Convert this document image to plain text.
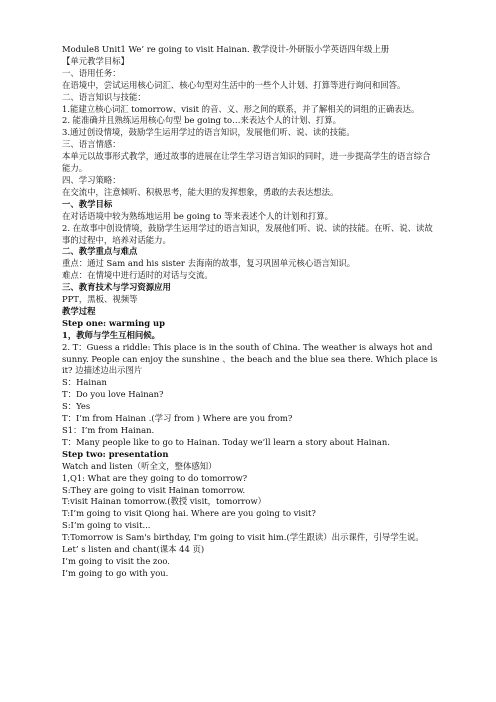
Module8 Unit1 We’ re going to visit Hainan. 教学设计-外研版小学英语四年级上册
【单元教学目标】
一、语用任务：
在语境中，尝试运用核心词汇、核心句型对生活中的一些个人计划、打算等进行询问和回答。
二、语言知识与技能：
1.能建立核心词汇 tomorrow、visit 的音、义、形之间的联系，并了解相关的词组的正确表达。
2. 能准确并且熟练运用核心句型 be going to…来表达个人的计划、打算。
3.通过创设情境，鼓励学生运用学过的语言知识，发展他们听、说、读的技能。
三、语言情感：
本单元以故事形式教学，通过故事的进展在让学生学习语言知识的同时，进一步提高学生的语言综合能力。
四、学习策略：
在交流中，注意倾听、积极思考，能大胆的发挥想象，勇敢的去表达想法。
一、教学目标
在对话语境中较为熟练地运用 be going to 等来表述个人的计划和打算。
2. 在故事中创设情境，鼓励学生运用学过的语言知识，发展他们听、说、读的技能。在听、说、读故事的过程中，培养对话能力。
二、教学重点与难点
重点：通过 Sam and his sister 去海南的故事，复习巩固单元核心语言知识。
难点：在情境中进行适时的对话与交流。
三、教育技术与学习资源应用
PPT，黑板、视频等
教学过程
Step one: warming up
1，教师与学生互相问候。
2. T：Guess a riddle: This place is in the south of China. The weather is always hot and sunny. People can enjoy the sunshine 、the beach and the blue sea there. Which place is it? 边描述边出示图片
S：Hainan
T：Do you love Hainan?
S：Yes
T：I’m from Hainan .(学习 from ) Where are you from?
S1：I’m from Hainan.
T：Many people like to go to Hainan. Today we’ll learn a story about Hainan.
Step two: presentation
Watch and listen（听全文，整体感知）
1,Q1: What are they going to do tomorrow?
S:They are going to visit Hainan tomorrow.
T:visit Hainan tomorrow.(教授 visit，tomorrow）
T:I’m going to visit Qiong hai. Where are you going to visit?
S:I’m going to visit...
T:Tomorrow is Sam's birthday, I'm going to visit him.(学生跟读）出示课件，引导学生说。
Let’ s listen and chant(课本 44 页)
I’m going to visit the zoo.
I’m going to go with you.
